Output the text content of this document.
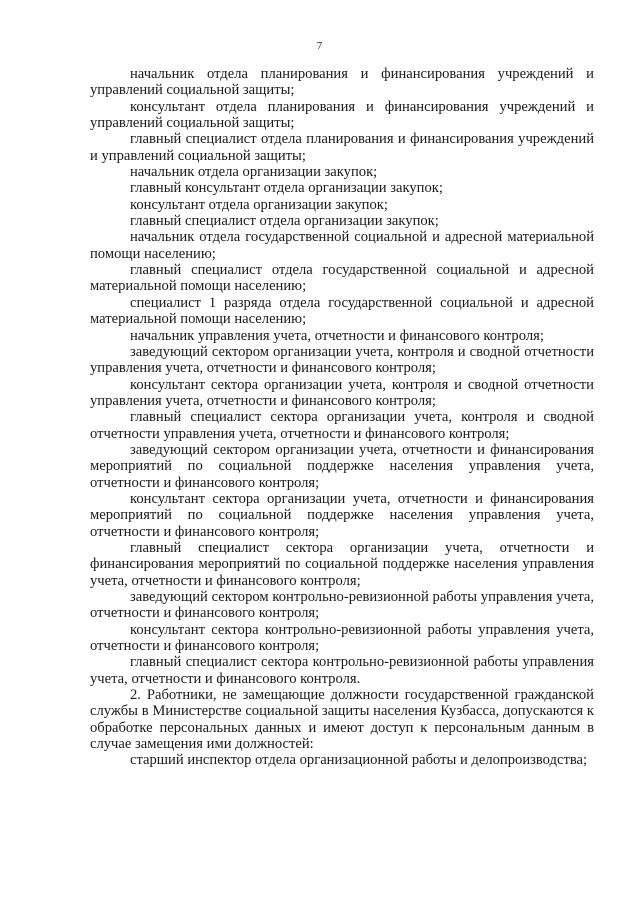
7

начальник отдела планирования и финансирования учреждений и управлений социальной защиты;

консультант отдела планирования и финансирования учреждений и управлений социальной защиты;

главный специалист отдела планирования и финансирования учреждений и управлений социальной защиты;

начальник отдела организации закупок;

главный консультант отдела организации закупок;

консультант отдела организации закупок;

главный специалист отдела организации закупок;

начальник отдела государственной социальной и адресной материальной помощи населению;

главный специалист отдела государственной социальной и адресной материальной помощи населению;

специалист 1 разряда отдела государственной социальной и адресной материальной помощи населению;

начальник управления учета, отчетности и финансового контроля;

заведующий сектором организации учета, контроля и сводной отчетности управления учета, отчетности и финансового контроля;

консультант сектора организации учета, контроля и сводной отчетности управления учета, отчетности и финансового контроля;

главный специалист сектора организации учета, контроля и сводной отчетности управления учета, отчетности и финансового контроля;

заведующий сектором организации учета, отчетности и финансирования мероприятий по социальной поддержке населения управления учета, отчетности и финансового контроля;

консультант сектора организации учета, отчетности и финансирования мероприятий по социальной поддержке населения управления учета, отчетности и финансового контроля;

главный специалист сектора организации учета, отчетности и финансирования мероприятий по социальной поддержке населения управления учета, отчетности и финансового контроля;

заведующий сектором контрольно-ревизионной работы управления учета, отчетности и финансового контроля;

консультант сектора контрольно-ревизионной работы управления учета, отчетности и финансового контроля;

главный специалист сектора контрольно-ревизионной работы управления учета, отчетности и финансового контроля.

2. Работники, не замещающие должности государственной гражданской службы в Министерстве социальной защиты населения Кузбасса, допускаются к обработке персональных данных и имеют доступ к персональным данным в случае замещения ими должностей:

старший инспектор отдела организационной работы и делопроизводства;
